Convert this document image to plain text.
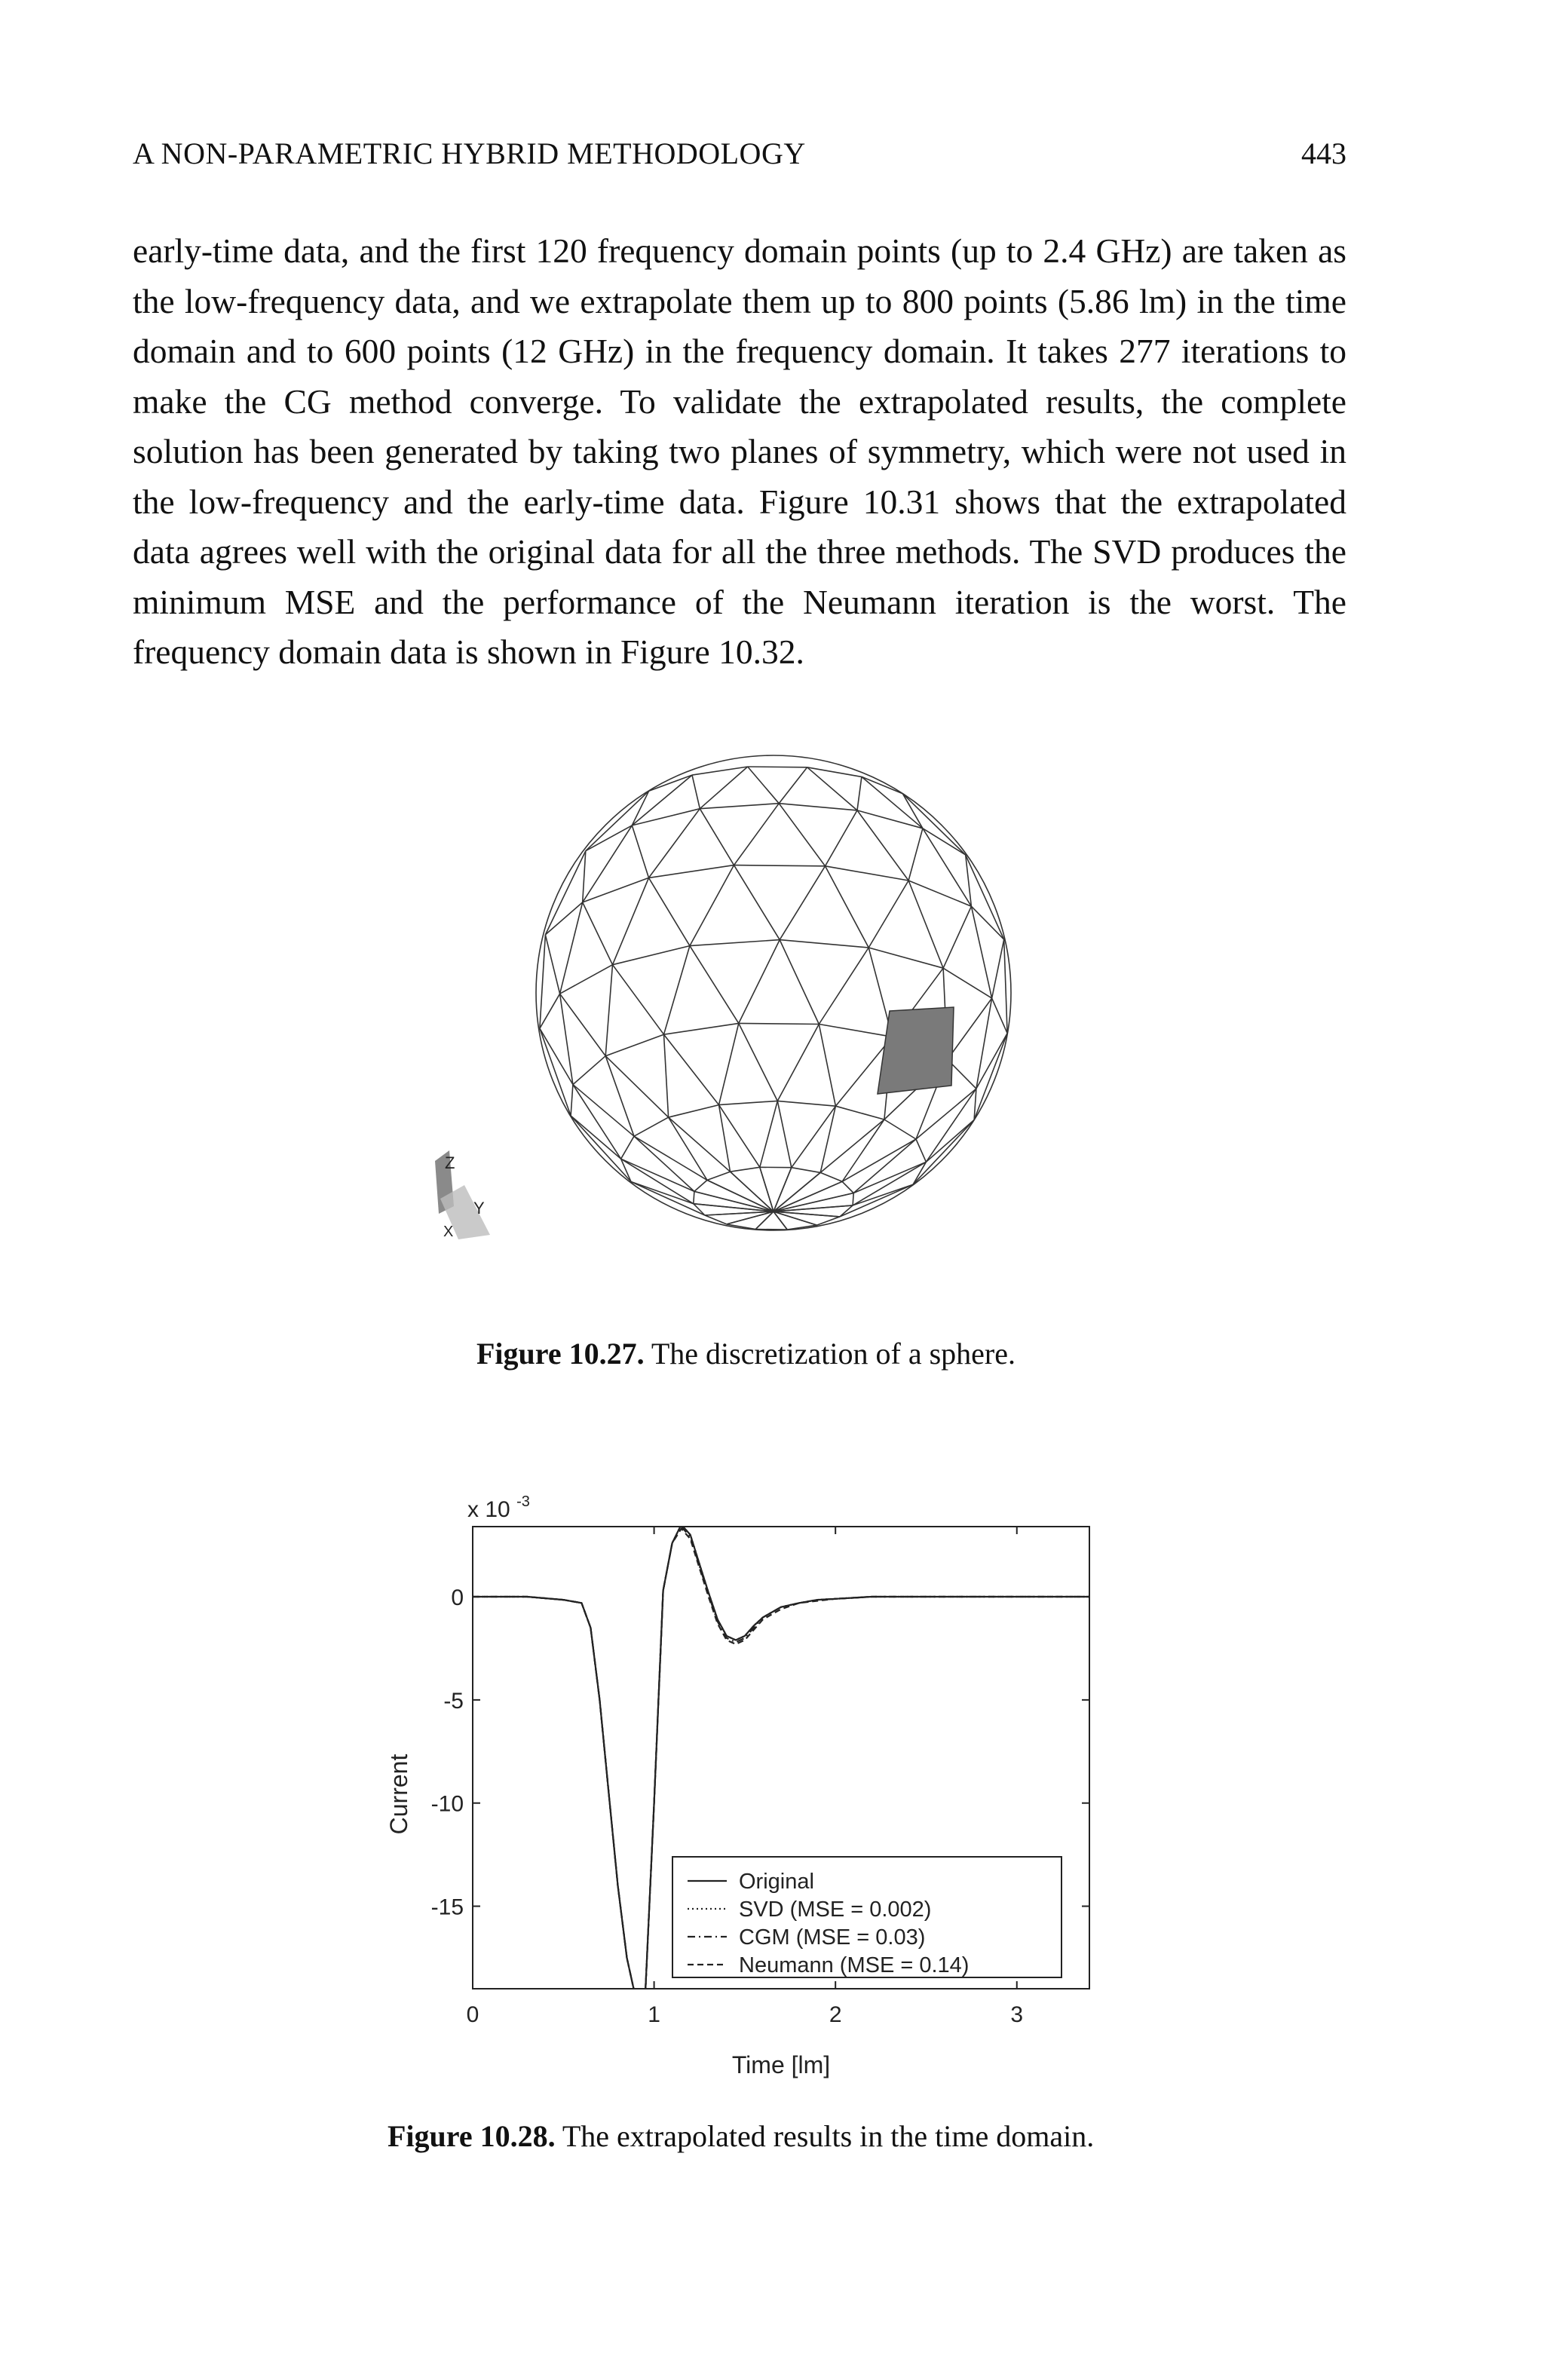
A NON-PARAMETRIC HYBRID METHODOLOGY	443
early-time data, and the first 120 frequency domain points (up to 2.4 GHz) are taken as the low-frequency data, and we extrapolate them up to 800 points (5.86 lm) in the time domain and to 600 points (12 GHz) in the frequency domain. It takes 277 iterations to make the CG method converge. To validate the extrapolated results, the complete solution has been generated by taking two planes of symmetry, which were not used in the low-frequency and the early-time data. Figure 10.31 shows that the extrapolated data agrees well with the original data for all the three methods. The SVD produces the minimum MSE and the performance of the Neumann iteration is the worst. The frequency domain data is shown in Figure 10.32.
Z
Y
X
Figure 10.27. The discretization of a sphere.
x 10 $^{-3}$
0
-5
-10
-15
0	1	2	3
Current
Time [lm]
Original
SVD (MSE = 0.002)
CGM (MSE = 0.03)
Neumann (MSE = 0.14)
Figure 10.28. The extrapolated results in the time domain.
